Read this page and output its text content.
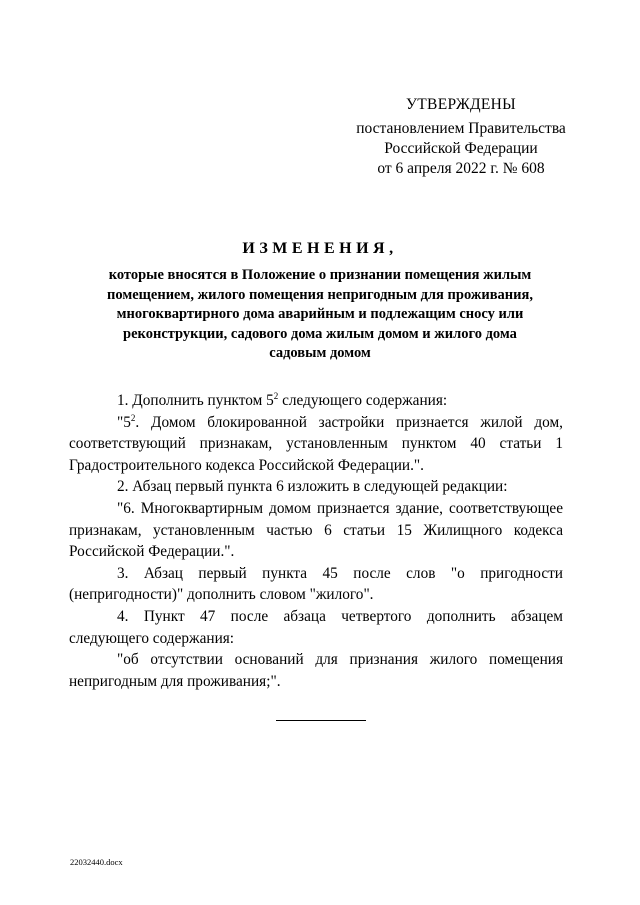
УТВЕРЖДЕНЫ
постановлением Правительства
Российской Федерации
от 6 апреля 2022 г. № 608
ИЗМЕНЕНИЯ,
которые вносятся в Положение о признании помещения жилым
помещением, жилого помещения непригодным для проживания,
многоквартирного дома аварийным и подлежащим сносу или
реконструкции, садового дома жилым домом и жилого дома
садовым домом

1. Дополнить пунктом $5^2$ следующего содержания:

"$5^2$. Домом блокированной застройки признается жилой дом, соответствующий признакам, установленным пунктом 40 статьи 1 Градостроительного кодекса Российской Федерации.".

2. Абзац первый пункта 6 изложить в следующей редакции:

"6. Многоквартирным домом признается здание, соответствующее признакам, установленным частью 6 статьи 15 Жилищного кодекса Российской Федерации.".

3. Абзац первый пункта 45 после слов "о пригодности (непригодности)" дополнить словом "жилого".

4. Пункт 47 после абзаца четвертого дополнить абзацем следующего содержания:

"об отсутствии оснований для признания жилого помещения непригодным для проживания;".

22032440.docx
